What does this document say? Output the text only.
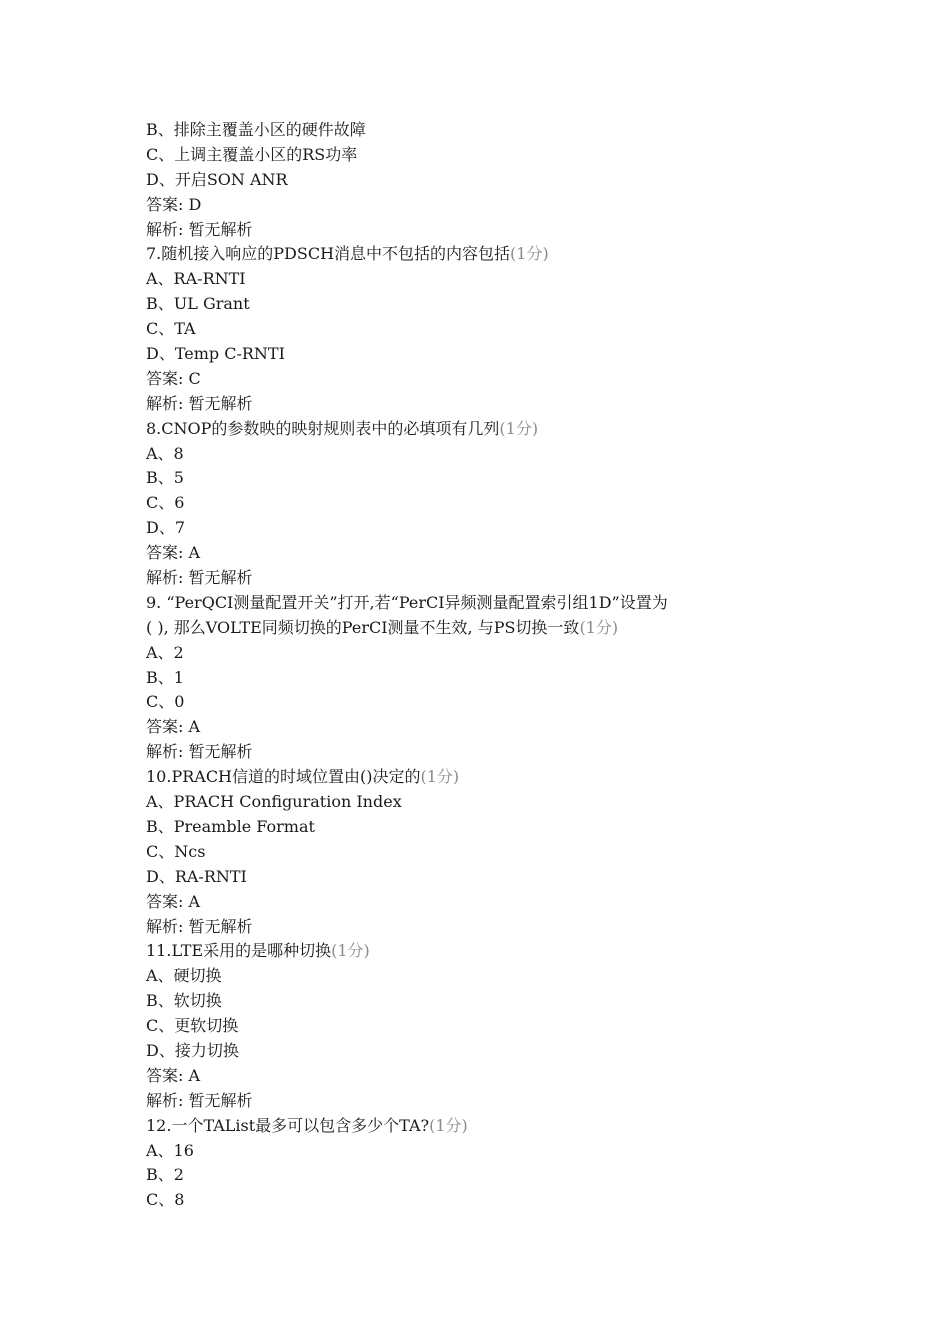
B、排除主覆盖小区的硬件故障
C、上调主覆盖小区的RS功率
D、开启SON ANR
答案: D
解析: 暂无解析
7.随机接入响应的PDSCH消息中不包括的内容包括(1分)
A、RA-RNTI
B、UL Grant
C、TA
D、Temp C-RNTI
答案: C
解析: 暂无解析
8.CNOP的参数映的映射规则表中的必填项有几列(1分)
A、8
B、5
C、6
D、7
答案: A
解析: 暂无解析
9. “PerQCI测量配置开关”打开,若“PerCI异频测量配置索引组1D”设置为
( ), 那么VOLTE同频切换的PerCI测量不生效, 与PS切换一致(1分)
A、2
B、1
C、0
答案: A
解析: 暂无解析
10.PRACH信道的时域位置由()决定的(1分)
A、PRACH Configuration Index
B、Preamble Format
C、Ncs
D、RA-RNTI
答案: A
解析: 暂无解析
11.LTE采用的是哪种切换(1分)
A、硬切换
B、软切换
C、更软切换
D、接力切换
答案: A
解析: 暂无解析
12.一个TAList最多可以包含多少个TA?(1分)
A、16
B、2
C、8
